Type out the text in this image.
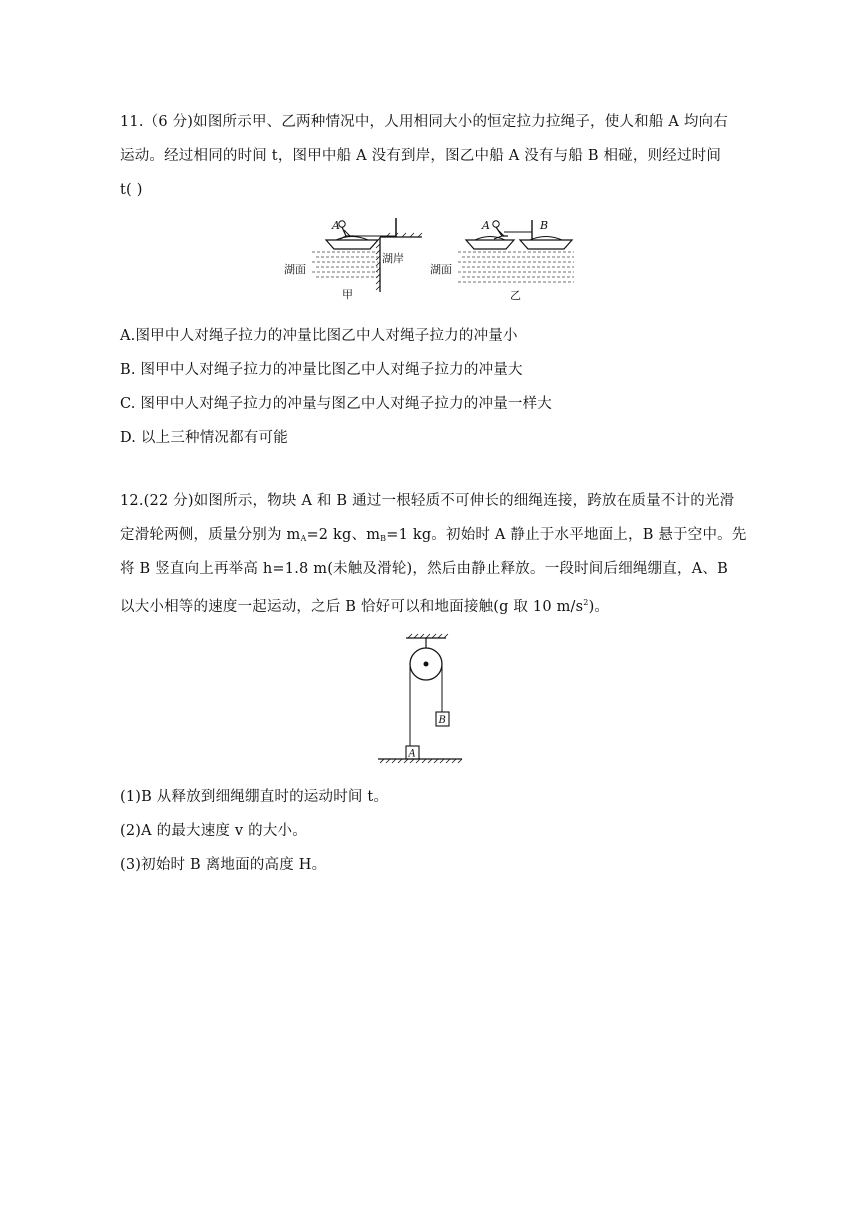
11.（6 分)如图所示甲、乙两种情况中，人用相同大小的恒定拉力拉绳子，使人和船 A 均向右
运动。经过相同的时间 t，图甲中船 A 没有到岸，图乙中船 A 没有与船 B 相碰，则经过时间
t( )
A
湖面
湖岸
甲
A	B
湖面
乙
A.图甲中人对绳子拉力的冲量比图乙中人对绳子拉力的冲量小
B. 图甲中人对绳子拉力的冲量比图乙中人对绳子拉力的冲量大
C. 图甲中人对绳子拉力的冲量与图乙中人对绳子拉力的冲量一样大
D. 以上三种情况都有可能
12.(22 分)如图所示，物块 A 和 B 通过一根轻质不可伸长的细绳连接，跨放在质量不计的光滑
定滑轮两侧，质量分别为 $m_A=2$ kg、$m_B=1$ kg。初始时 A 静止于水平地面上，B 悬于空中。先
将 B 竖直向上再举高 h=1.8 m(未触及滑轮)，然后由静止释放。一段时间后细绳绷直，A、B
以大小相等的速度一起运动，之后 B 恰好可以和地面接触(g 取 10 $m/s^2$)。
B
A
(1)B 从释放到细绳绷直时的运动时间 t。
(2)A 的最大速度 v 的大小。
(3)初始时 B 离地面的高度 H。
